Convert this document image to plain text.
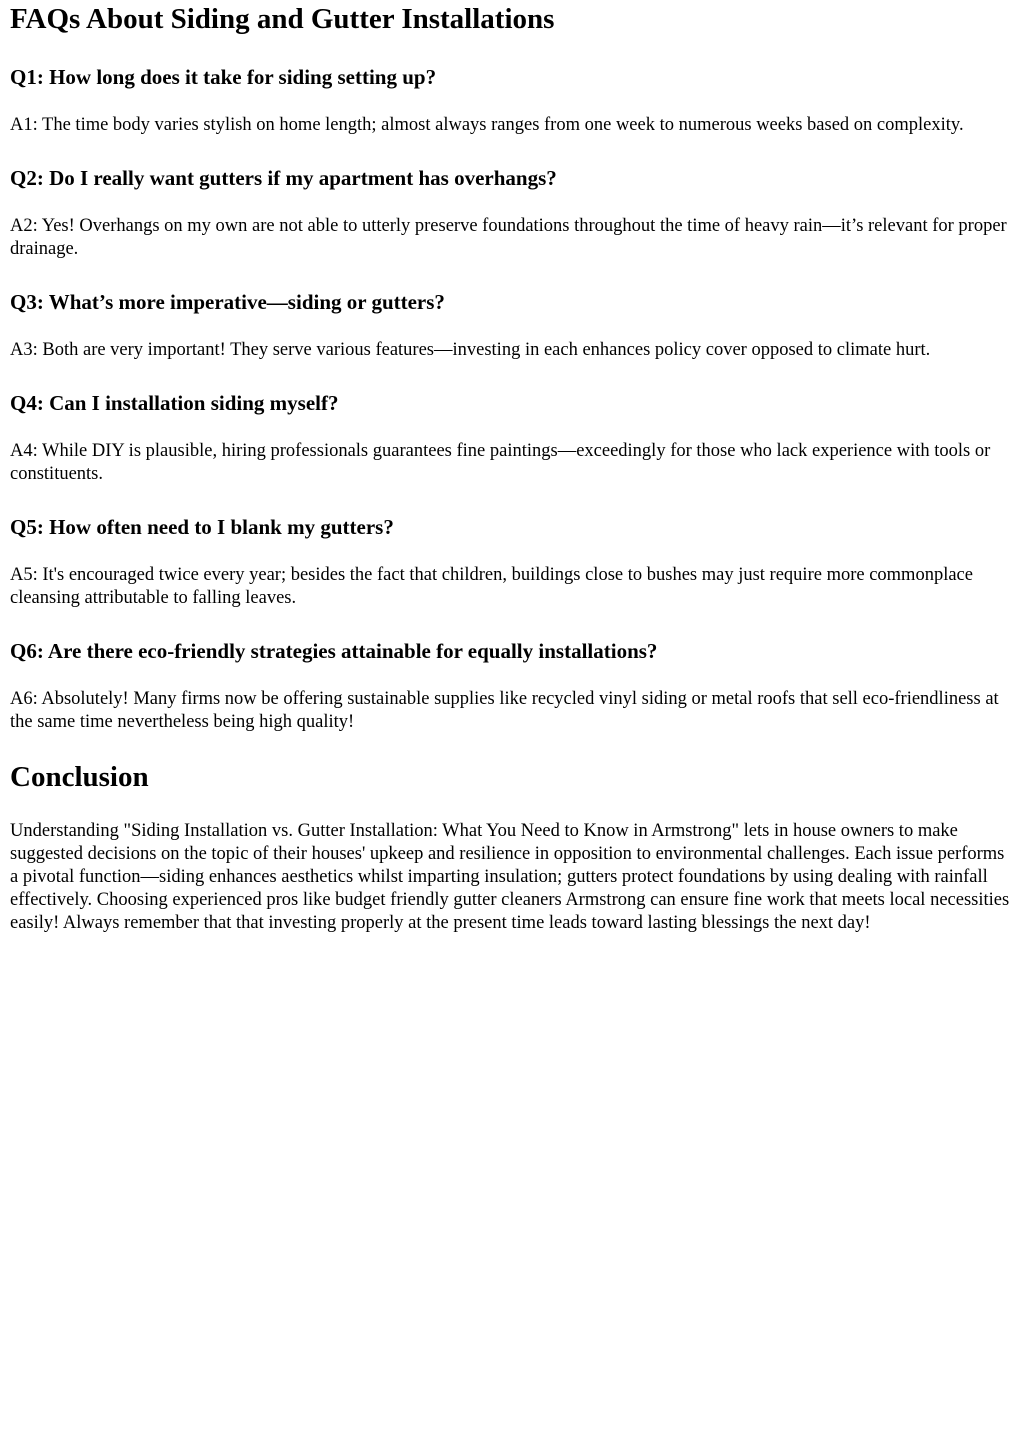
FAQs About Siding and Gutter Installations
Q1: How long does it take for siding setting up?

A1: The time body varies stylish on home length; almost always ranges from one week to numerous weeks based on complexity.

Q2: Do I really want gutters if my apartment has overhangs?

A2: Yes! Overhangs on my own are not able to utterly preserve foundations throughout the time of heavy rain—it’s relevant for proper drainage.

Q3: What’s more imperative—siding or gutters?

A3: Both are very important! They serve various features—investing in each enhances policy cover opposed to climate hurt.

Q4: Can I installation siding myself?

A4: While DIY is plausible, hiring professionals guarantees fine paintings—exceedingly for those who lack experience with tools or constituents.

Q5: How often need to I blank my gutters?

A5: It's encouraged twice every year; besides the fact that children, buildings close to bushes may just require more commonplace cleansing attributable to falling leaves.

Q6: Are there eco-friendly strategies attainable for equally installations?

A6: Absolutely! Many firms now be offering sustainable supplies like recycled vinyl siding or metal roofs that sell eco-friendliness at the same time nevertheless being high quality!

Conclusion

Understanding "Siding Installation vs. Gutter Installation: What You Need to Know in Armstrong" lets in house owners to make suggested decisions on the topic of their houses' upkeep and resilience in opposition to environmental challenges. Each issue performs a pivotal function—siding enhances aesthetics whilst imparting insulation; gutters protect foundations by using dealing with rainfall effectively. Choosing experienced pros like budget friendly gutter cleaners Armstrong can ensure fine work that meets local necessities easily! Always remember that that investing properly at the present time leads toward lasting blessings the next day!
